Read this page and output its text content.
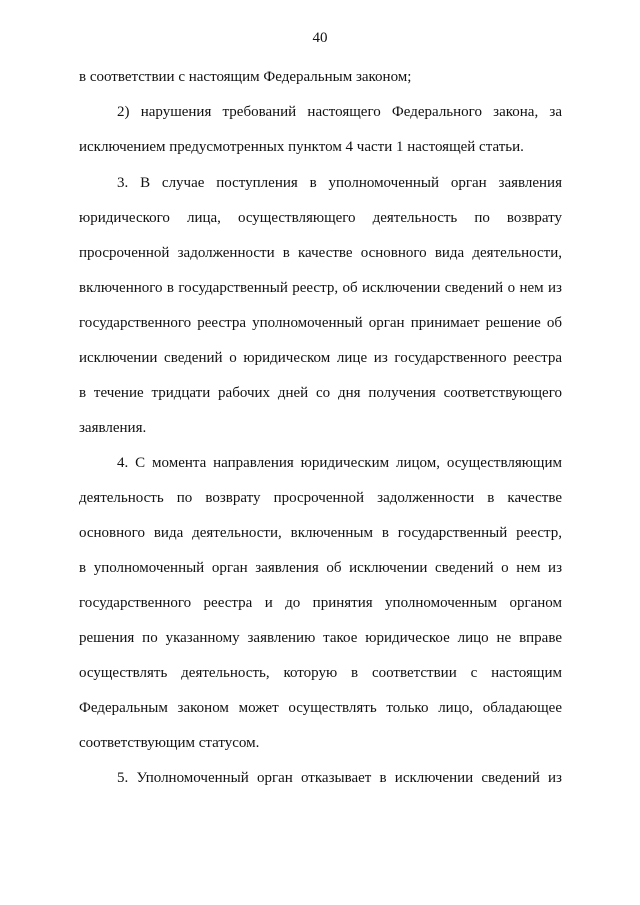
40
в соответствии с настоящим Федеральным законом;
2) нарушения требований настоящего Федерального закона, за
исключением предусмотренных пунктом 4 части 1 настоящей статьи.
3. В случае поступления в уполномоченный орган заявления
юридического лица, осуществляющего деятельность по возврату
просроченной задолженности в качестве основного вида деятельности,
включенного в государственный реестр, об исключении сведений о нем из
государственного реестра уполномоченный орган принимает решение об
исключении сведений о юридическом лице из государственного реестра
в течение тридцати рабочих дней со дня получения соответствующего
заявления.
4. С момента направления юридическим лицом, осуществляющим
деятельность по возврату просроченной задолженности в качестве
основного вида деятельности, включенным в государственный реестр,
в уполномоченный орган заявления об исключении сведений о нем из
государственного реестра и до принятия уполномоченным органом
решения по указанному заявлению такое юридическое лицо не вправе
осуществлять деятельность, которую в соответствии с настоящим
Федеральным законом может осуществлять только лицо, обладающее
соответствующим статусом.
5. Уполномоченный орган отказывает в исключении сведений из
